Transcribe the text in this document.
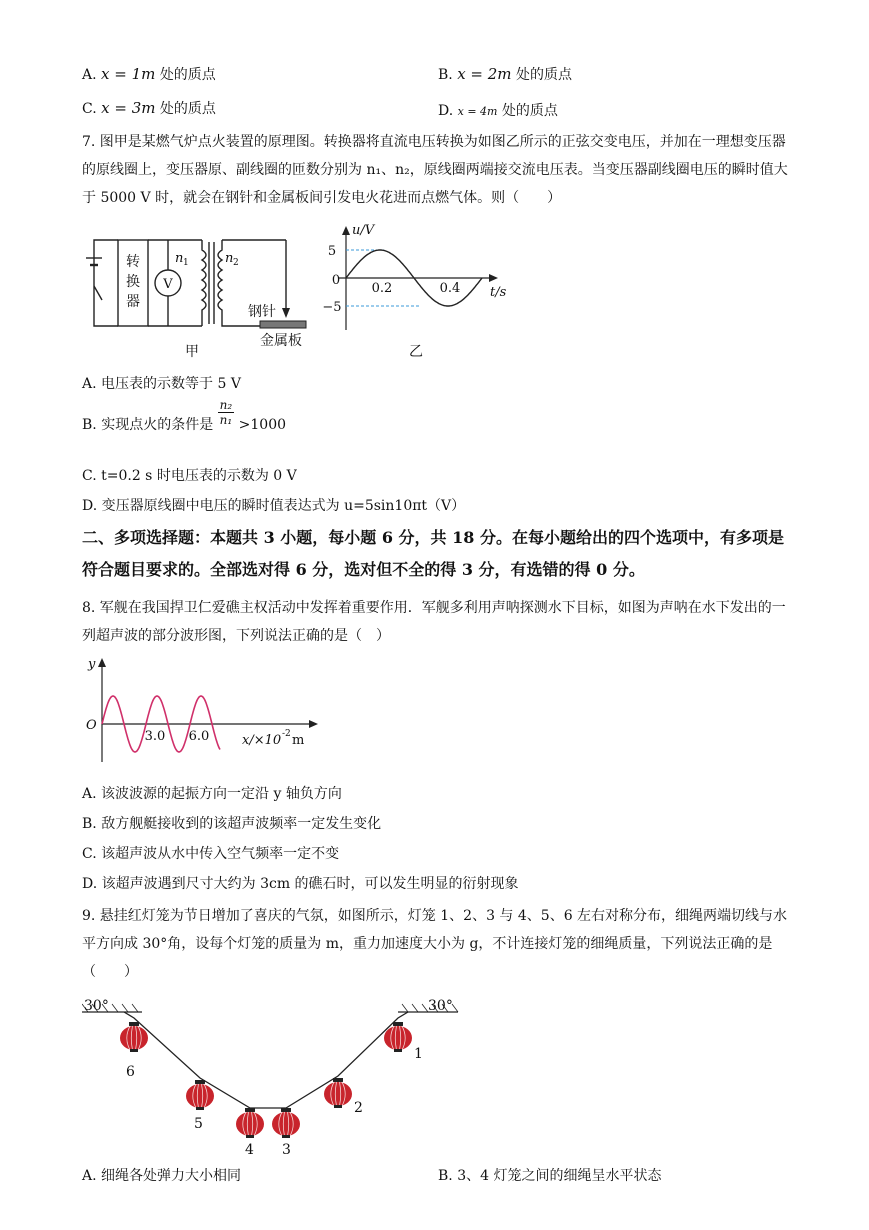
A. x = 1m 处的质点	B. x = 2m 处的质点
C. x = 3m 处的质点	D. x = 4m 处的质点
7. 图甲是某燃气炉点火装置的原理图。转换器将直流电压转换为如图乙所示的正弦交变电压，并加在一理想变压器的原线圈上，变压器原、副线圈的匝数分别为 n₁、n₂，原线圈两端接交流电压表。当变压器副线圈电压的瞬时值大于 5000 V 时，就会在钢针和金属板间引发电火花进而点燃气体。则（　　）
转
换
器
V
n 1	n 2
钢针
金属板
甲
u/V
5
−5
0
0.2	0.4 t/s
乙
A. 电压表的示数等于 5 V
B. 实现点火的条件是 $\frac{\text{n₂}}{\text{n₁}} >1000$
C. t=0.2 s 时电压表的示数为 0 V
D. 变压器原线圈中电压的瞬时值表达式为 u=5sin10πt（V）
二、多项选择题：本题共 3 小题，每小题 6 分，共 18 分。在每小题给出的四个选项中，有多项是符合题目要求的。全部选对得 6 分，选对但不全的得 3 分，有选错的得 0 分。
8. 军舰在我国捍卫仁爱礁主权活动中发挥着重要作用．军舰多利用声呐探测水下目标，如图为声呐在水下发出的一列超声波的部分波形图，下列说法正确的是（　）
y
O
3.0 6.0	x/×10 -2 m
A. 该波波源的起振方向一定沿 y 轴负方向
B. 敌方舰艇接收到的该超声波频率一定发生变化
C. 该超声波从水中传入空气频率一定不变
D. 该超声波遇到尺寸大约为 3cm 的礁石时，可以发生明显的衍射现象
9. 悬挂红灯笼为节日增加了喜庆的气氛，如图所示，灯笼 1、2、3 与 4、5、6 左右对称分布，细绳两端切线与水平方向成 30°角，设每个灯笼的质量为 m，重力加速度大小为 g，不计连接灯笼的细绳质量，下列说法正确的是（　　）
30°	30°
1
2
3
4
5
6
A. 细绳各处弹力大小相同	B. 3、4 灯笼之间的细绳呈水平状态
